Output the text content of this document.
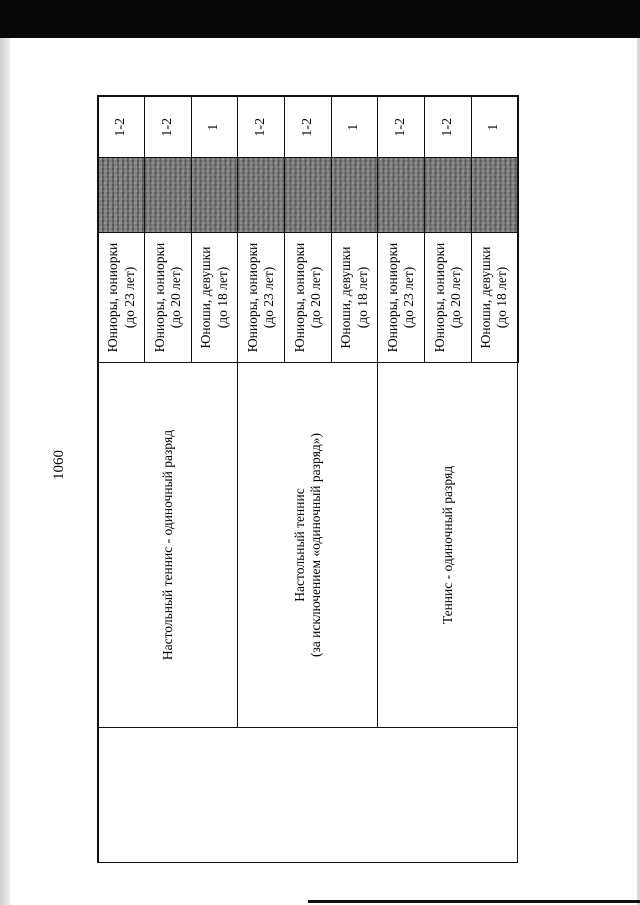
1060

	Настольный теннис - одиночный разряд	Юниоры, юниорки
(до 23 лет)		1-2
		Юниоры, юниорки
(до 20 лет)		1-2
		Юноши, девушки
(до 18 лет)		1

	Настольный теннис (за исключением «одиночный разряд»)	Юниоры, юниорки
(до 23 лет)		1-2
		Юниоры, юниорки
(до 20 лет)		1-2
		Юноши, девушки
(до 18 лет)		1

	Теннис - одиночный разряд	Юниоры, юниорки
(до 23 лет)		1-2
		Юниоры, юниорки
(до 20 лет)		1-2
		Юноши, девушки
(до 18 лет)		1
